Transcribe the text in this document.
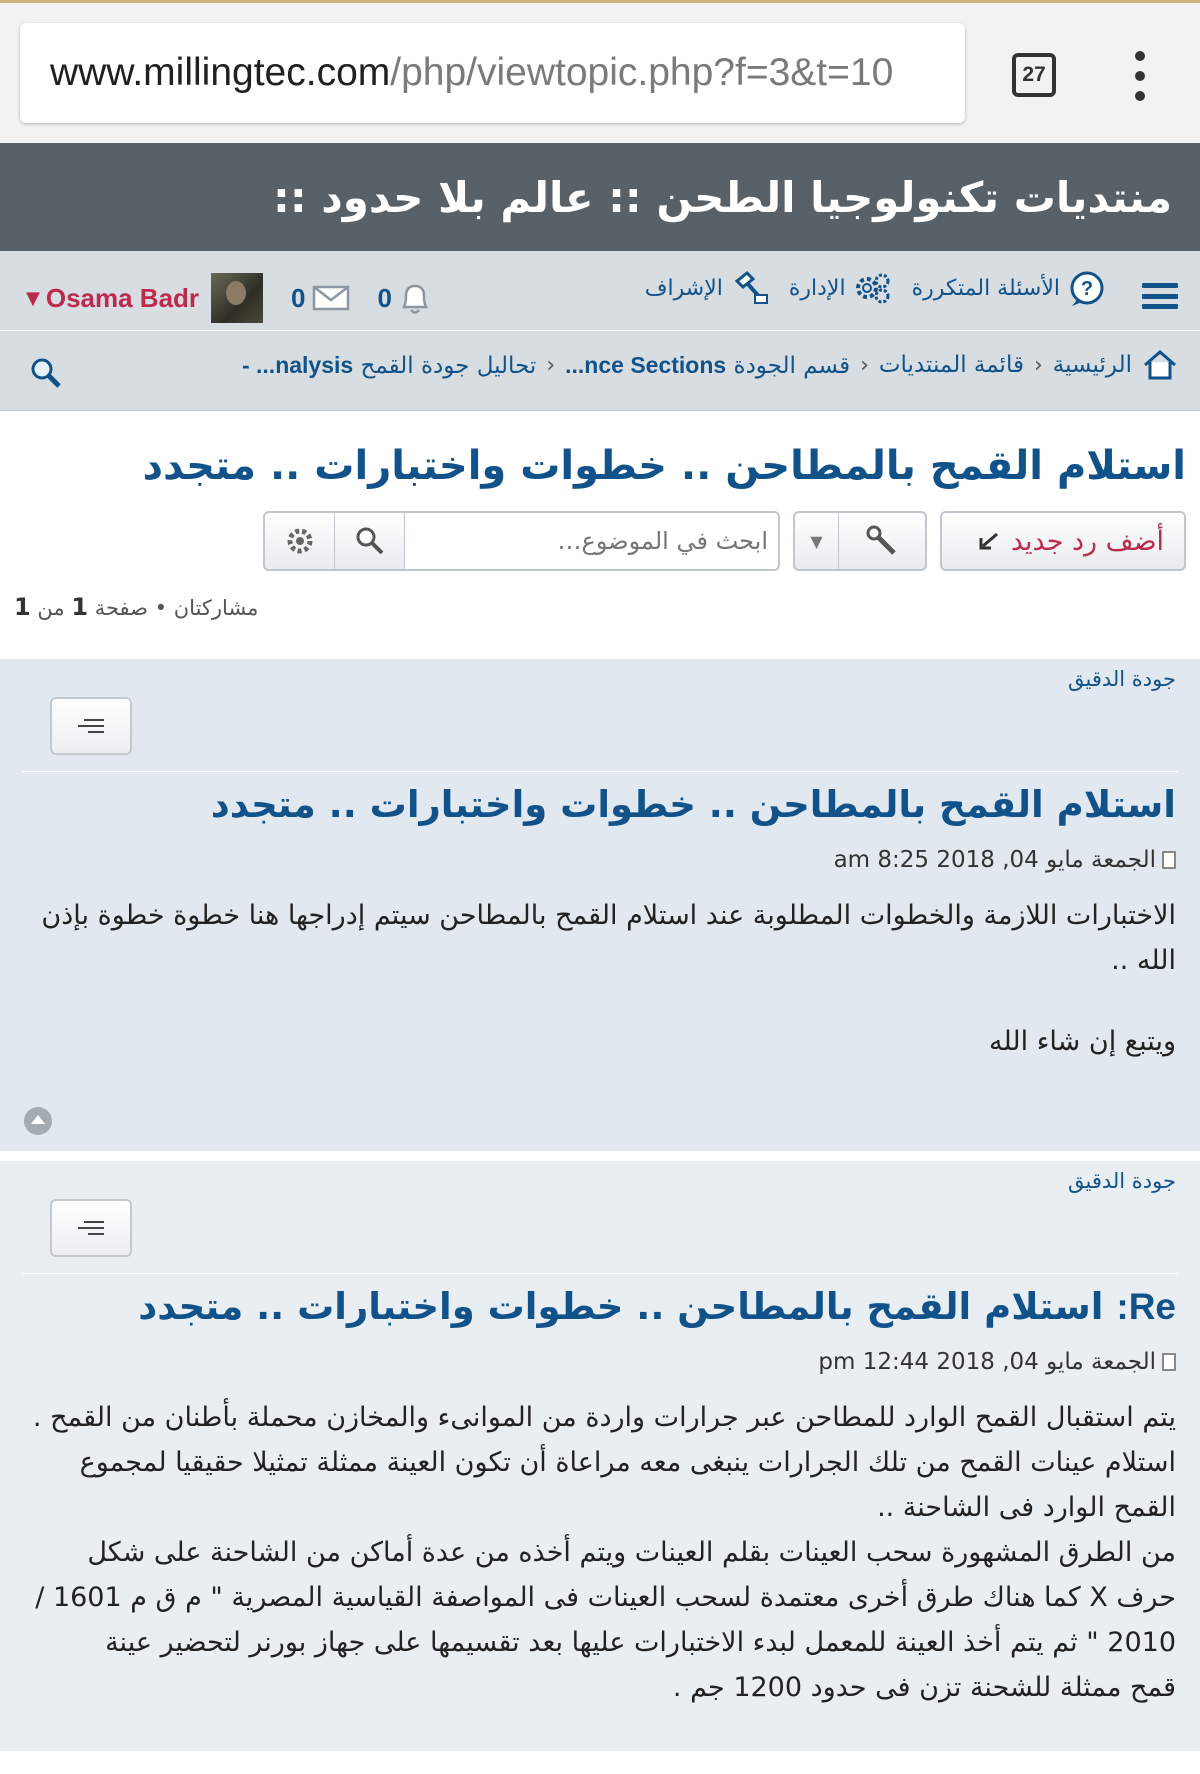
www.millingtec.com /php/viewtopic.php?f=3&t=10	27
منتديات تكنولوجيا الطحن :: عالم بلا حدود ::
?
الأسئلة المتكررة
الإدارة
الإشراف
▼ Osama Badr	0	0
الرئيسية
‹
قائمة المنتديات
‹
قسم الجودة ...nce Sections
‹
تحاليل جودة القمح - ...nalysis
استلام القمح بالمطاحن .. خطوات واختبارات .. متجدد
أضف رد جديد
▼
ابحث في الموضوع…
مشاركتان • صفحة 1 من 1
جودة الدقيق
استلام القمح بالمطاحن .. خطوات واختبارات .. متجدد
الجمعة مايو 04, 2018 8:25 am

الاختبارات اللازمة والخطوات المطلوبة عند استلام القمح بالمطاحن سيتم إدراجها هنا خطوة خطوة بإذن الله ..

ويتبع إن شاء الله

جودة الدقيق
Re: استلام القمح بالمطاحن .. خطوات واختبارات .. متجدد
الجمعة مايو 04, 2018 12:44 pm
يتم استقبال القمح الوارد للمطاحن عبر جرارات واردة من الموانىء والمخازن محملة بأطنان من القمح .
استلام عينات القمح من تلك الجرارات ينبغى معه مراعاة أن تكون العينة ممثلة تمثيلا حقيقيا لمجموع
القمح الوارد فى الشاحنة ..
من الطرق المشهورة سحب العينات بقلم العينات ويتم أخذه من عدة أماكن من الشاحنة على شكل
حرف X كما هناك طرق أخرى معتمدة لسحب العينات فى المواصفة القياسية المصرية " م ق م 1601 /
2010 " ثم يتم أخذ العينة للمعمل لبدء الاختبارات عليها بعد تقسيمها على جهاز بورنر لتحضير عينة
قمح ممثلة للشحنة تزن فى حدود 1200 جم .
